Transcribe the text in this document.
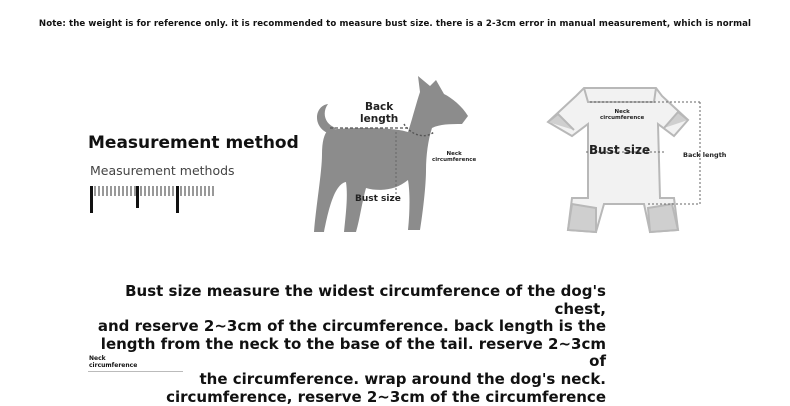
Note: the weight is for reference only. it is recommended to measure bust size. there is a 2-3cm error in manual measurement, which is normal
Measurement method
Measurement methods
Back
length
Neck
circumference
Bust size
Neck
circumference
Bust size	Back length
Bust size measure the widest circumference of the dog's chest,
and reserve 2~3cm of the circumference. back length is the
length from the neck to the base of the tail. reserve 2~3cm of
the circumference. wrap around the dog's neck.
circumference, reserve 2~3cm of the circumference
Neck
circumference
